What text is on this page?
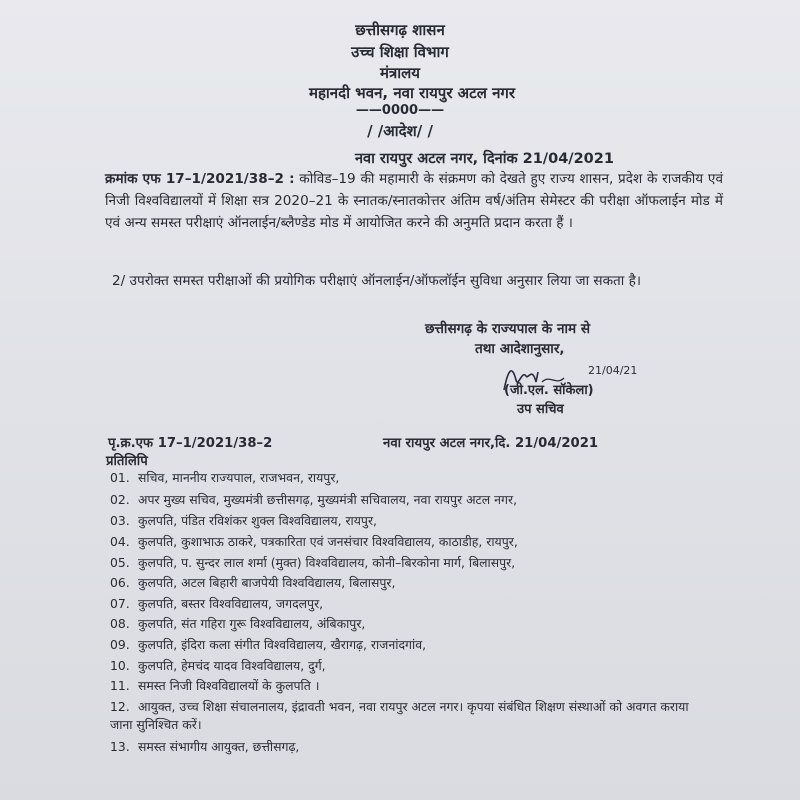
छत्तीसगढ़ शासन
उच्च शिक्षा विभाग
मंत्रालय
महानदी भवन, नवा रायपुर अटल नगर
——0000——
/ /आदेश/ /
नवा रायपुर अटल नगर, दिनांक 21/04/2021
क्रमांक एफ 17–1/2021/38–2 : कोविड–19 की महामारी के संक्रमण को देखते हुए राज्य शासन, प्रदेश के राजकीय एवं निजी विश्वविद्यालयों में शिक्षा सत्र 2020–21 के स्नातक/स्नातकोत्तर अंतिम वर्ष/अंतिम सेमेस्टर की परीक्षा ऑफलाईन मोड में एवं अन्य समस्त परीक्षाएं ऑनलाईन/ब्लैण्डेड मोड में आयोजित करने की अनुमति प्रदान करता हैं ।
2/ उपरोक्त समस्त परीक्षाओं की प्रयोगिक परीक्षाएं ऑनलाईन/ऑफलॉईन सुविधा अनुसार लिया जा सकता है।
छत्तीसगढ़ के राज्यपाल के नाम से
तथा आदेशानुसार,
21/04/21
(जी.एल. सॉकेला)
उप सचिव
पृ.क्र.एफ 17–1/2021/38–2	नवा रायपुर अटल नगर,दि. 21/04/2021
प्रतिलिपि
01. सचिव, माननीय राज्यपाल, राजभवन, रायपुर,
02. अपर मुख्य सचिव, मुख्यमंत्री छत्तीसगढ़, मुख्यमंत्री सचिवालय, नवा रायपुर अटल नगर,
03. कुलपति, पंडित रविशंकर शुक्ल विश्वविद्यालय, रायपुर,
04. कुलपति, कुशाभाऊ ठाकरे, पत्रकारिता एवं जनसंचार विश्वविद्यालय, काठाडीह, रायपुर,
05. कुलपति, प. सुन्दर लाल शर्मा (मुक्त) विश्वविद्यालय, कोनी–बिरकोना मार्ग, बिलासपुर,
06. कुलपति, अटल बिहारी बाजपेयी विश्वविद्यालय, बिलासपुर,
07. कुलपति, बस्तर विश्वविद्यालय, जगदलपुर,
08. कुलपति, संत गहिरा गुरू विश्वविद्यालय, अंबिकापुर,
09. कुलपति, इंदिरा कला संगीत विश्वविद्यालय, खैरागढ़, राजनांदगांव,
10. कुलपति, हेमचंद यादव विश्वविद्यालय, दुर्ग,
11. समस्त निजी विश्वविद्यालयों के कुलपति ।
12. आयुक्त, उच्च शिक्षा संचालनालय, इंद्रावती भवन, नवा रायपुर अटल नगर। कृपया संबंधित शिक्षण संस्थाओं को अवगत कराया जाना सुनिश्चित करें।
13. समस्त संभागीय आयुक्त, छत्तीसगढ़,
